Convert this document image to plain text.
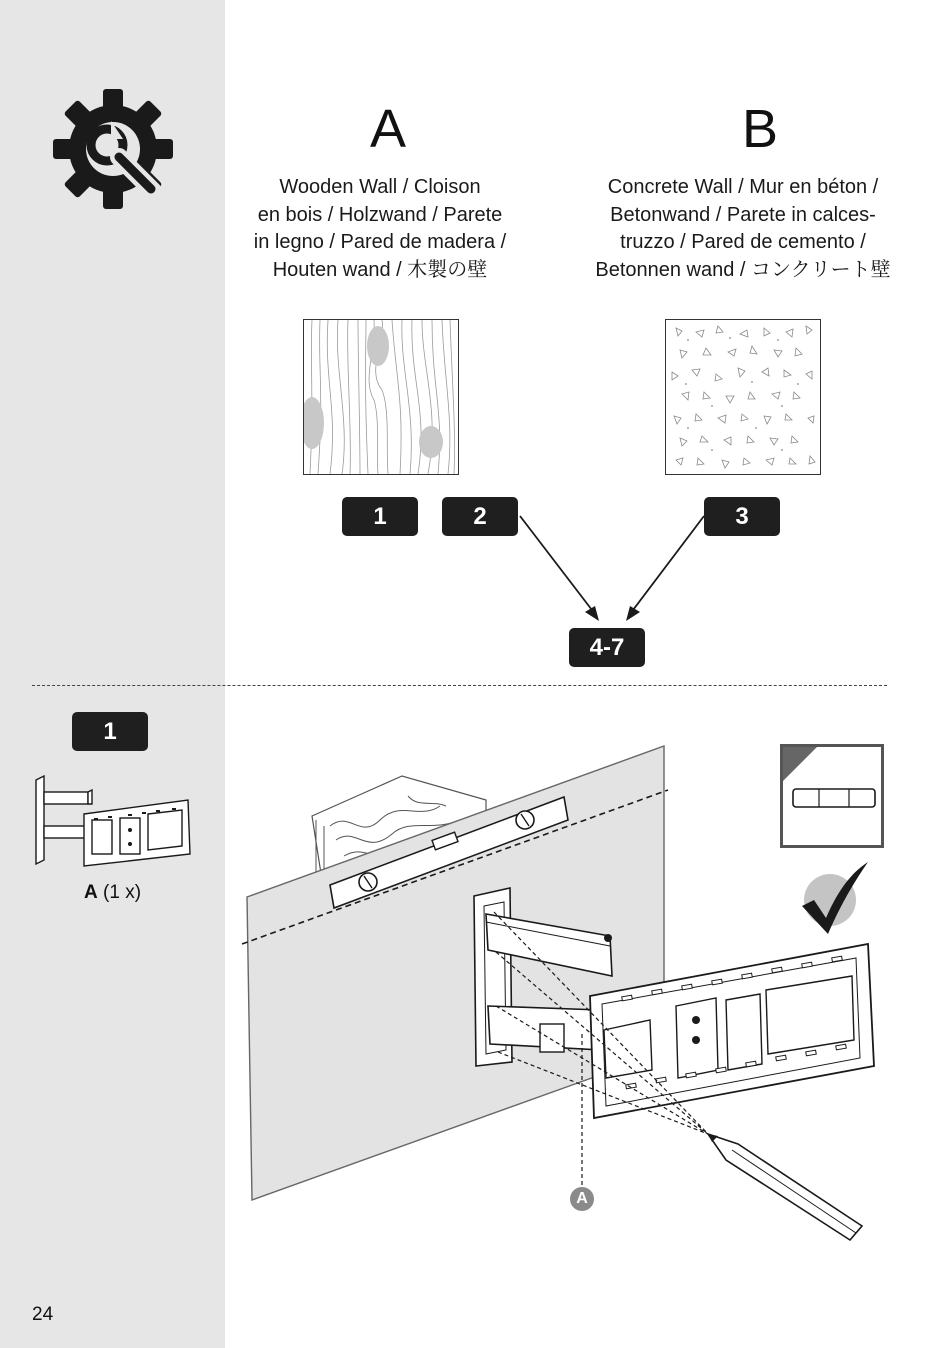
A
Wooden Wall / Cloison
en bois / Holzwand / Parete
in legno / Pared de madera /
Houten wand / 木製の壁
B
Concrete Wall / Mur en béton /
Betonwand / Parete in calces-
truzzo / Pared de cemento /
Betonnen wand / コンクリート壁
1	2	3
4-7
1
A (1 x)
A
24
